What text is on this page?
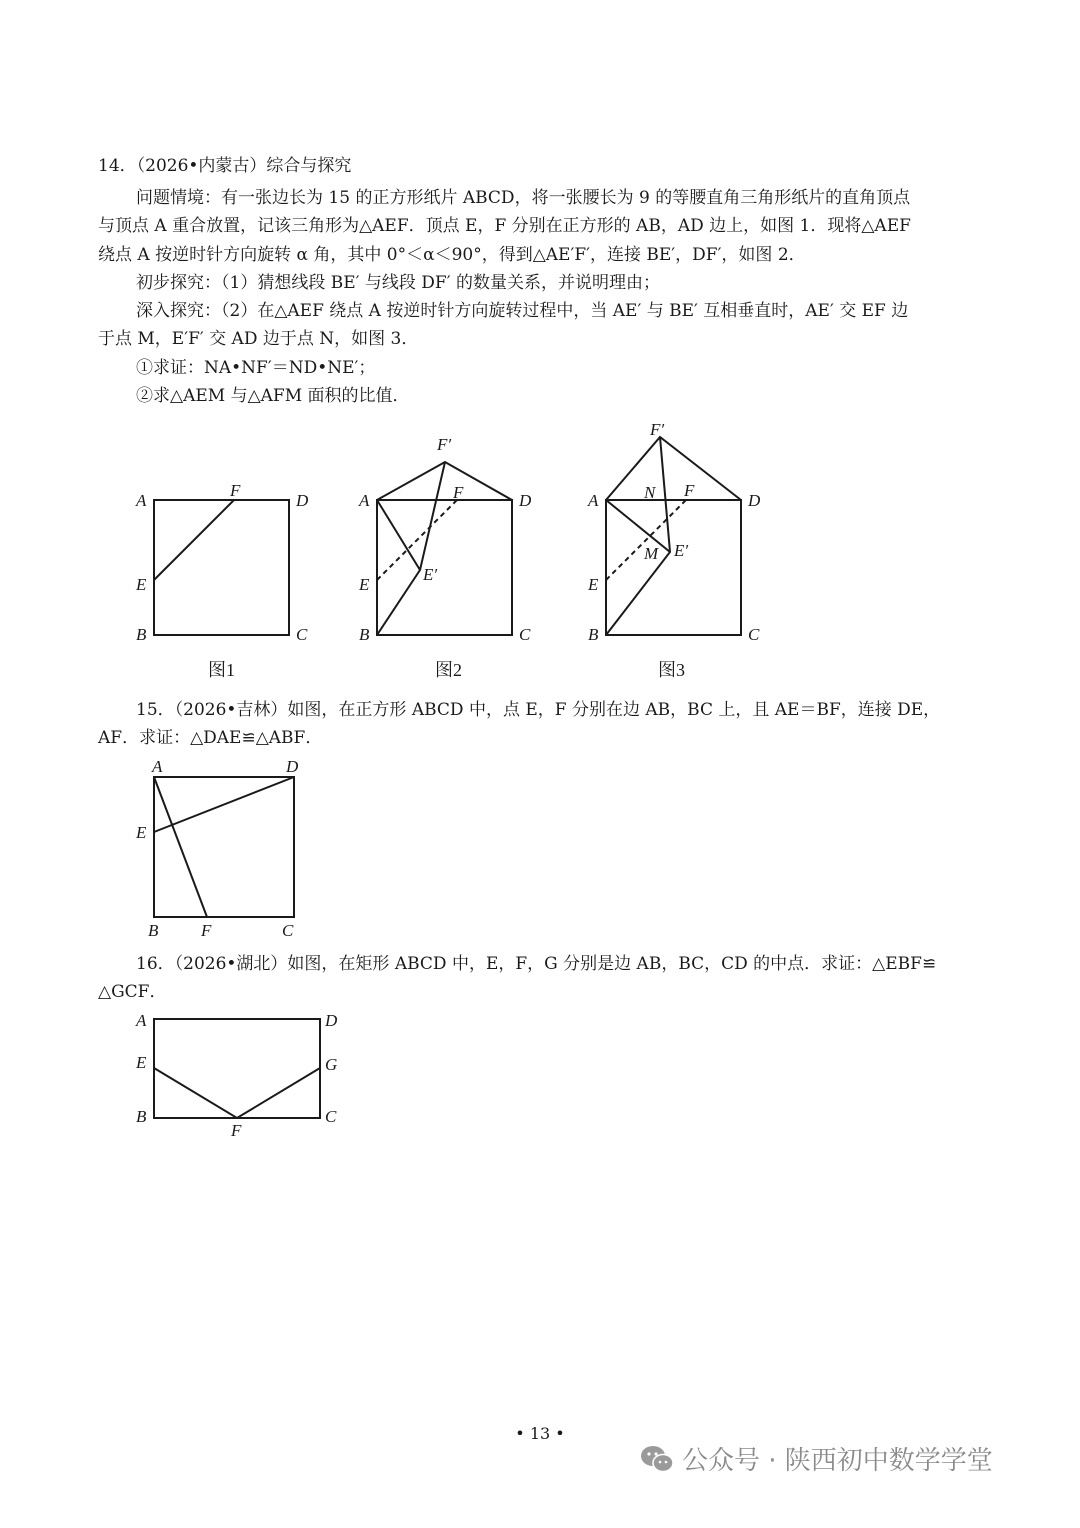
14．（2026•内蒙古）综合与探究

问题情境：有一张边长为 15 的正方形纸片 ABCD，将一张腰长为 9 的等腰直角三角形纸片的直角顶点

与顶点 A 重合放置，记该三角形为△AEF．顶点 E，F 分别在正方形的 AB，AD 边上，如图 1．现将△AEF

绕点 A 按逆时针方向旋转 α 角，其中 0°＜α＜90°，得到△AE′F′，连接 BE′，DF′，如图 2．

初步探究：（1）猜想线段 BE′ 与线段 DF′ 的数量关系，并说明理由；

深入探究：（2）在△AEF 绕点 A 按逆时针方向旋转过程中，当 AE′ 与 BE′ 互相垂直时，AE′ 交 EF 边

于点 M，E′F′ 交 AD 边于点 N，如图 3．

①求证：NA•NF′＝ND•NE′；

②求△AEM 与△AFM 面积的比值．

A
F
D
E
B	C
图1
F′
A	F	D
E
E′
B	C
图2
F′
A	N F
D
M E′
E
B	C
图3

15．（2026•吉林）如图，在正方形 ABCD 中，点 E，F 分别在边 AB，BC 上，且 AE＝BF，连接 DE，

AF．求证：△DAE≌△ABF．

A	D
E
B	F	C

16．（2026•湖北）如图，在矩形 ABCD 中，E，F，G 分别是边 AB，BC，CD 的中点．求证：△EBF≌

△GCF．

A	D
E	G
B	C
F
• 13 •
公众号 · 陕西初中数学学堂
